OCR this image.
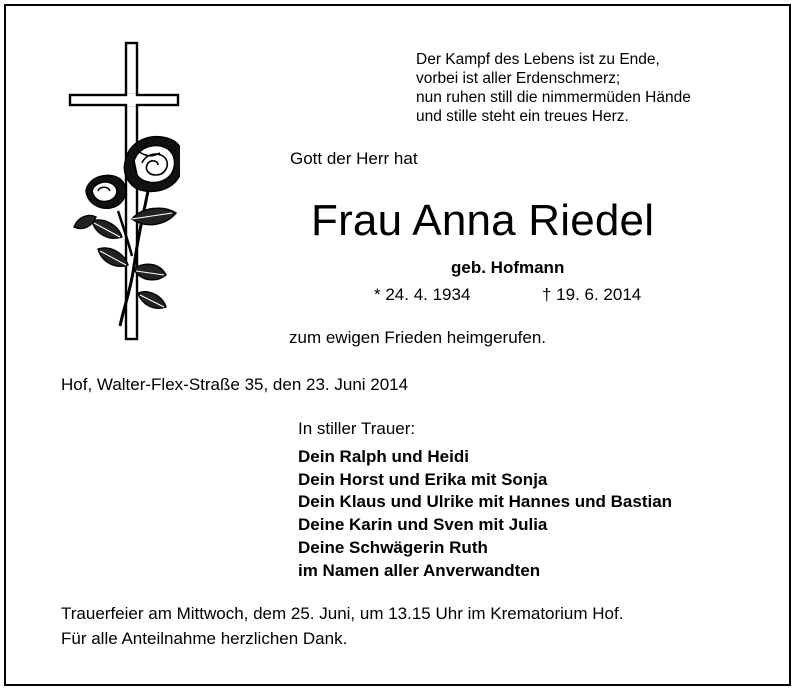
Der Kampf des Lebens ist zu Ende,
vorbei ist aller Erdenschmerz;
nun ruhen still die nimmermüden Hände
und stille steht ein treues Herz.
Gott der Herr hat
Frau Anna Riedel
geb. Hofmann
* 24. 4. 1934	† 19. 6. 2014
zum ewigen Frieden heimgerufen.
Hof, Walter-Flex-Straße 35, den 23. Juni 2014
In stiller Trauer:
Dein Ralph und Heidi
Dein Horst und Erika mit Sonja
Dein Klaus und Ulrike mit Hannes und Bastian
Deine Karin und Sven mit Julia
Deine Schwägerin Ruth
im Namen aller Anverwandten
Trauerfeier am Mittwoch, dem 25. Juni, um 13.15 Uhr im Krematorium Hof.
Für alle Anteilnahme herzlichen Dank.
